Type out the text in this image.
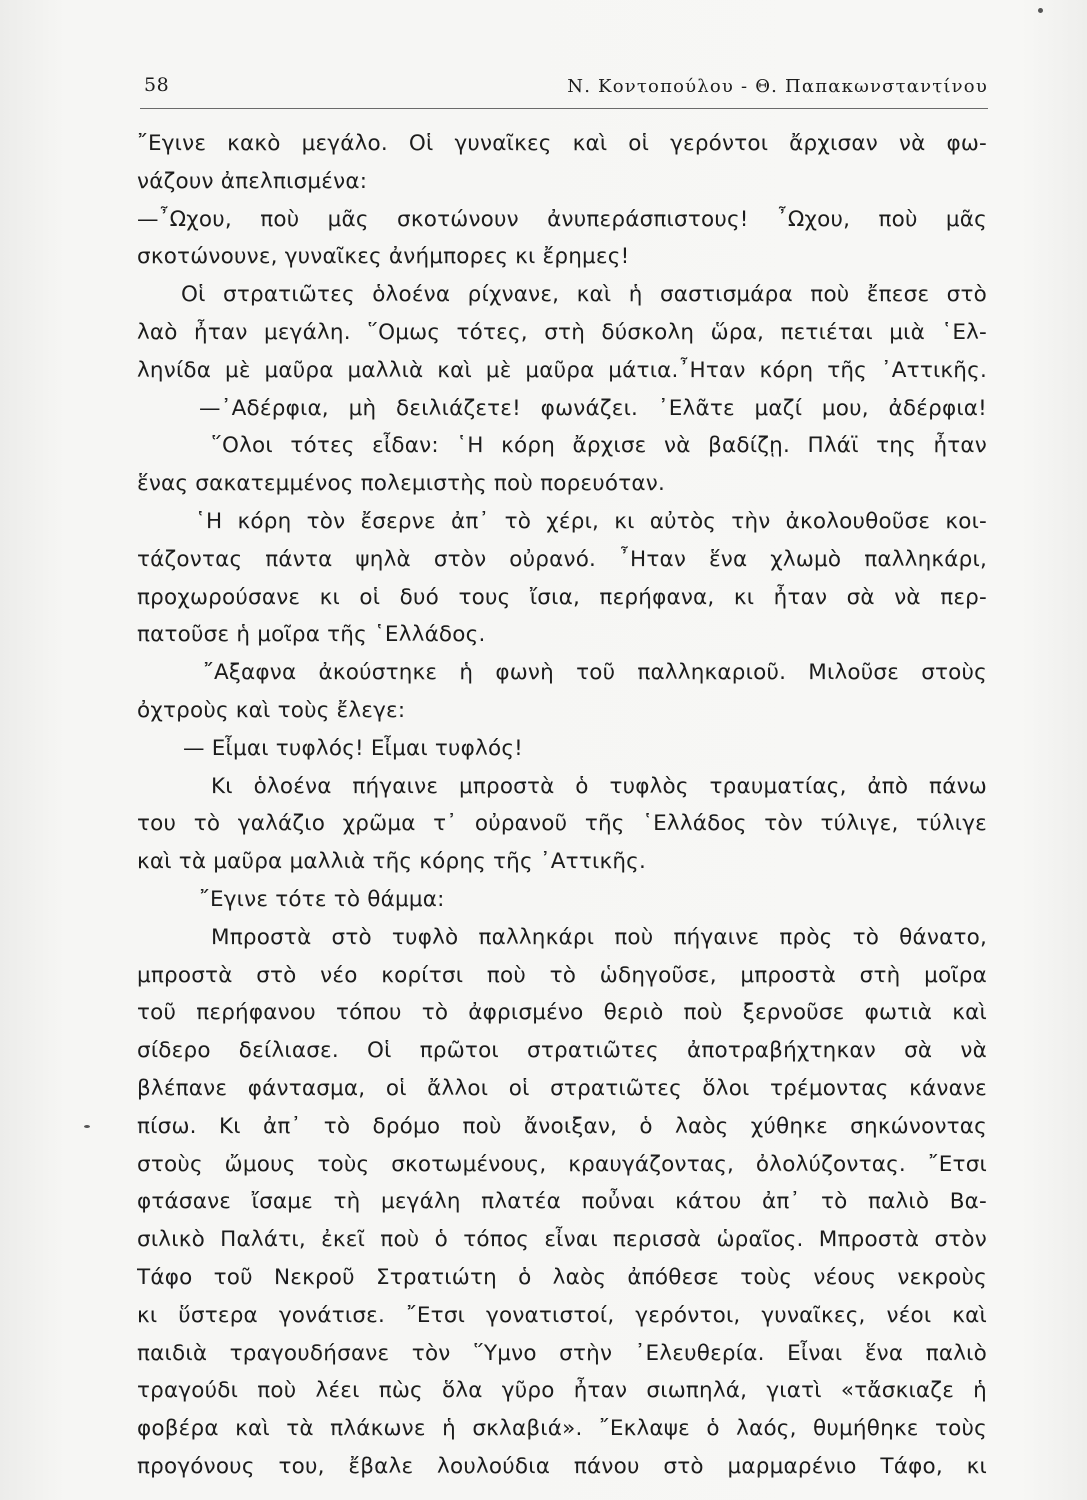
58	Ν. Κοντοπούλου - Θ. Παπακωνσταντίνου
῎Εγινε κακὸ μεγάλο. Οἱ γυναῖκες καὶ οἱ γερόντοι ἄρχισαν νὰ φω-
νάζουν ἀπελπισμένα:
—῏Ωχου, ποὺ μᾶς σκοτώνουν ἀνυπεράσπιστους! ῏Ωχου, ποὺ μᾶς
σκοτώνουνε, γυναῖκες ἀνήμπορες κι ἔρημες!
Οἱ στρατιῶτες ὁλοένα ρίχνανε, καὶ ἡ σαστισμάρα ποὺ ἔπεσε στὸ
λαὸ ἦταν μεγάλη. ῞Ομως τότες, στὴ δύσκολη ὥρα, πετιέται μιὰ ῾Ελ-
ληνίδα μὲ μαῦρα μαλλιὰ καὶ μὲ μαῦρα μάτια.῏Ηταν κόρη τῆς ᾿Αττικῆς.
—᾿Αδέρφια, μὴ δειλιάζετε! φωνάζει. ᾿Ελᾶτε μαζί μου, ἀδέρφια!
῞Ολοι τότες εἶδαν: ῾Η κόρη ἄρχισε νὰ βαδίζῃ. Πλάϊ της ἦταν
ἕνας σακατεμμένος πολεμιστὴς ποὺ πορευόταν.
῾Η κόρη τὸν ἔσερνε ἀπ᾿ τὸ χέρι, κι αὐτὸς τὴν ἀκολουθοῦσε κοι-
τάζοντας πάντα ψηλὰ στὸν οὐρανό. ῏Ηταν ἕνα χλωμὸ παλληκάρι,
προχωρούσανε κι οἱ δυό τους ἴσια, περήφανα, κι ἦταν σὰ νὰ περ-
πατοῦσε ἡ μοῖρα τῆς ῾Ελλάδος.
῎Αξαφνα ἀκούστηκε ἡ φωνὴ τοῦ παλληκαριοῦ. Μιλοῦσε στοὺς
ὀχτροὺς καὶ τοὺς ἔλεγε:
— Εἶμαι τυφλός! Εἶμαι τυφλός!
Κι ὁλοένα πήγαινε μπροστὰ ὁ τυφλὸς τραυματίας, ἀπὸ πάνω
του τὸ γαλάζιο χρῶμα τ᾿ οὐρανοῦ τῆς ῾Ελλάδος τὸν τύλιγε, τύλιγε
καὶ τὰ μαῦρα μαλλιὰ τῆς κόρης τῆς ᾿Αττικῆς.
῎Εγινε τότε τὸ θάμμα:
Μπροστὰ στὸ τυφλὸ παλληκάρι ποὺ πήγαινε πρὸς τὸ θάνατο,
μπροστὰ στὸ νέο κορίτσι ποὺ τὸ ὡδηγοῦσε, μπροστὰ στὴ μοῖρα
τοῦ περήφανου τόπου τὸ ἀφρισμένο θεριὸ ποὺ ξερνοῦσε φωτιὰ καὶ
σίδερο δείλιασε. Οἱ πρῶτοι στρατιῶτες ἀποτραβήχτηκαν σὰ νὰ
βλέπανε φάντασμα, οἱ ἄλλοι οἱ στρατιῶτες ὅλοι τρέμοντας κάνανε
πίσω. Κι ἀπ᾿ τὸ δρόμο ποὺ ἄνοιξαν, ὁ λαὸς χύθηκε σηκώνοντας
στοὺς ὤμους τοὺς σκοτωμένους, κραυγάζοντας, ὀλολύζοντας. ῎Ετσι
φτάσανε ἴσαμε τὴ μεγάλη πλατέα ποὖναι κάτου ἀπ᾿ τὸ παλιὸ Βα-
σιλικὸ Παλάτι, ἐκεῖ ποὺ ὁ τόπος εἶναι περισσὰ ὡραῖος. Μπροστὰ στὸν
Τάφο τοῦ Νεκροῦ Στρατιώτη ὁ λαὸς ἀπόθεσε τοὺς νέους νεκροὺς
κι ὕστερα γονάτισε. ῎Ετσι γονατιστοί, γερόντοι, γυναῖκες, νέοι καὶ
παιδιὰ τραγουδήσανε τὸν ῞Υμνο στὴν ᾿Ελευθερία. Εἶναι ἕνα παλιὸ
τραγούδι ποὺ λέει πὼς ὅλα γῦρο ἦταν σιωπηλά, γιατὶ «τἄσκιαζε ἡ
φοβέρα καὶ τὰ πλάκωνε ἡ σκλαβιά». ῎Εκλαψε ὁ λαός, θυμήθηκε τοὺς
προγόνους του, ἔβαλε λουλούδια πάνου στὸ μαρμαρένιο Τάφο, κι
